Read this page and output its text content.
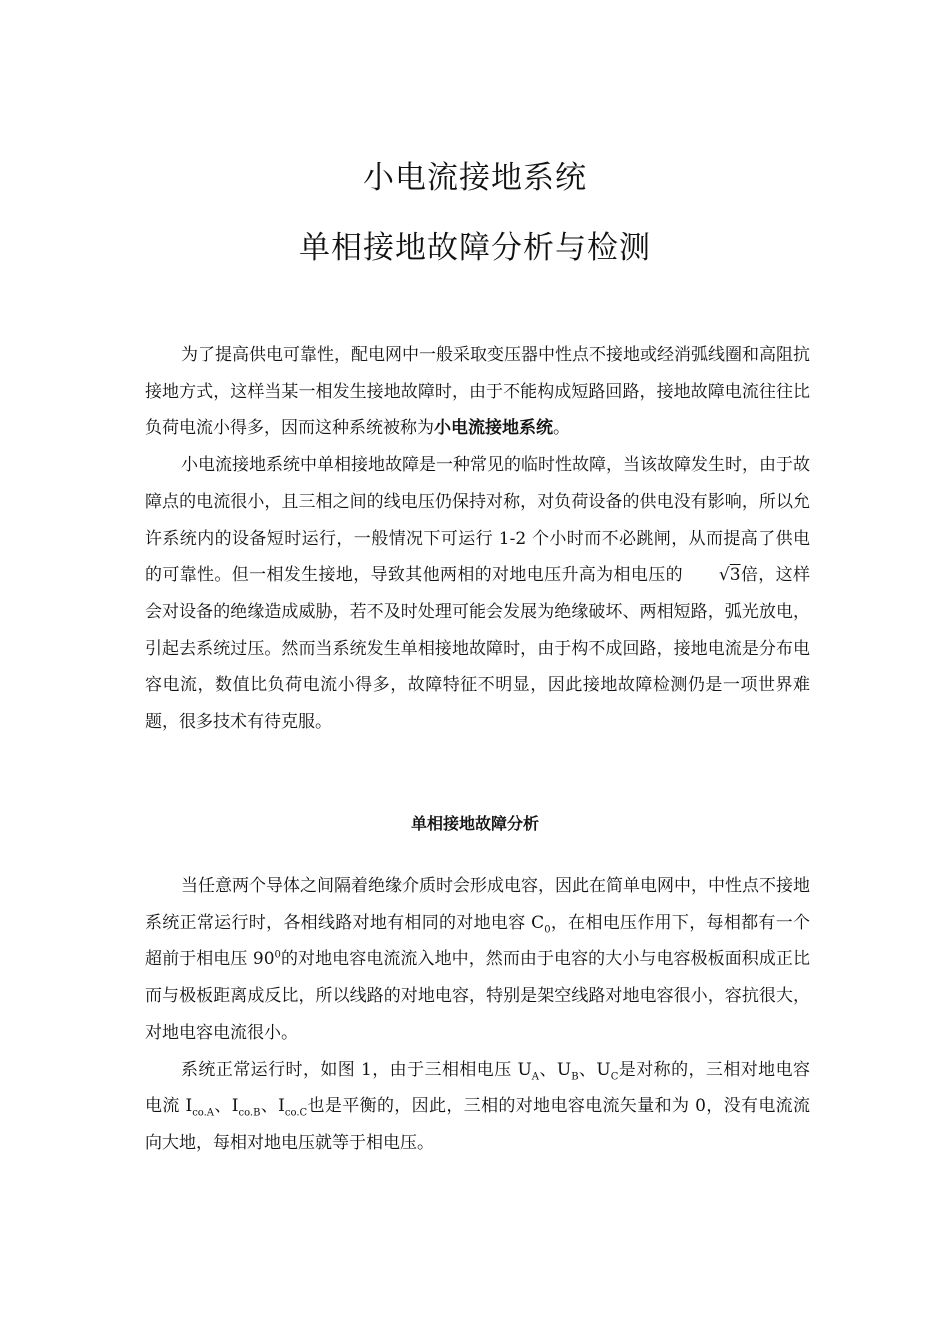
小电流接地系统
单相接地故障分析与检测

为了提高供电可靠性，配电网中一般采取变压器中性点不接地或经消弧线圈和高阻抗接地方式，这样当某一相发生接地故障时，由于不能构成短路回路，接地故障电流往往比负荷电流小得多，因而这种系统被称为小电流接地系统。

小电流接地系统中单相接地故障是一种常见的临时性故障，当该故障发生时，由于故障点的电流很小，且三相之间的线电压仍保持对称，对负荷设备的供电没有影响，所以允许系统内的设备短时运行，一般情况下可运行 1-2 个小时而不必跳闸，从而提高了供电的可靠性。但一相发生接地，导致其他两相的对地电压升高为相电压的 √3倍，这样会对设备的绝缘造成威胁，若不及时处理可能会发展为绝缘破坏、两相短路，弧光放电，引起去系统过压。然而当系统发生单相接地故障时，由于构不成回路，接地电流是分布电容电流，数值比负荷电流小得多，故障特征不明显，因此接地故障检测仍是一项世界难题，很多技术有待克服。

单相接地故障分析

当任意两个导体之间隔着绝缘介质时会形成电容，因此在简单电网中，中性点不接地系统正常运行时，各相线路对地有相同的对地电容 $C_0$，在相电压作用下，每相都有一个超前于相电压 $90^0$的对地电容电流流入地中，然而由于电容的大小与电容极板面积成正比而与极板距离成反比，所以线路的对地电容，特别是架空线路对地电容很小，容抗很大，对地电容电流很小。

系统正常运行时，如图 1，由于三相相电压 $U_A$、$U_B$、$U_C$是对称的，三相对地电容电流 $I_{co.A}$、$I_{co.B}$、$I_{co.C}$也是平衡的，因此，三相的对地电容电流矢量和为 0，没有电流流向大地，每相对地电压就等于相电压。
